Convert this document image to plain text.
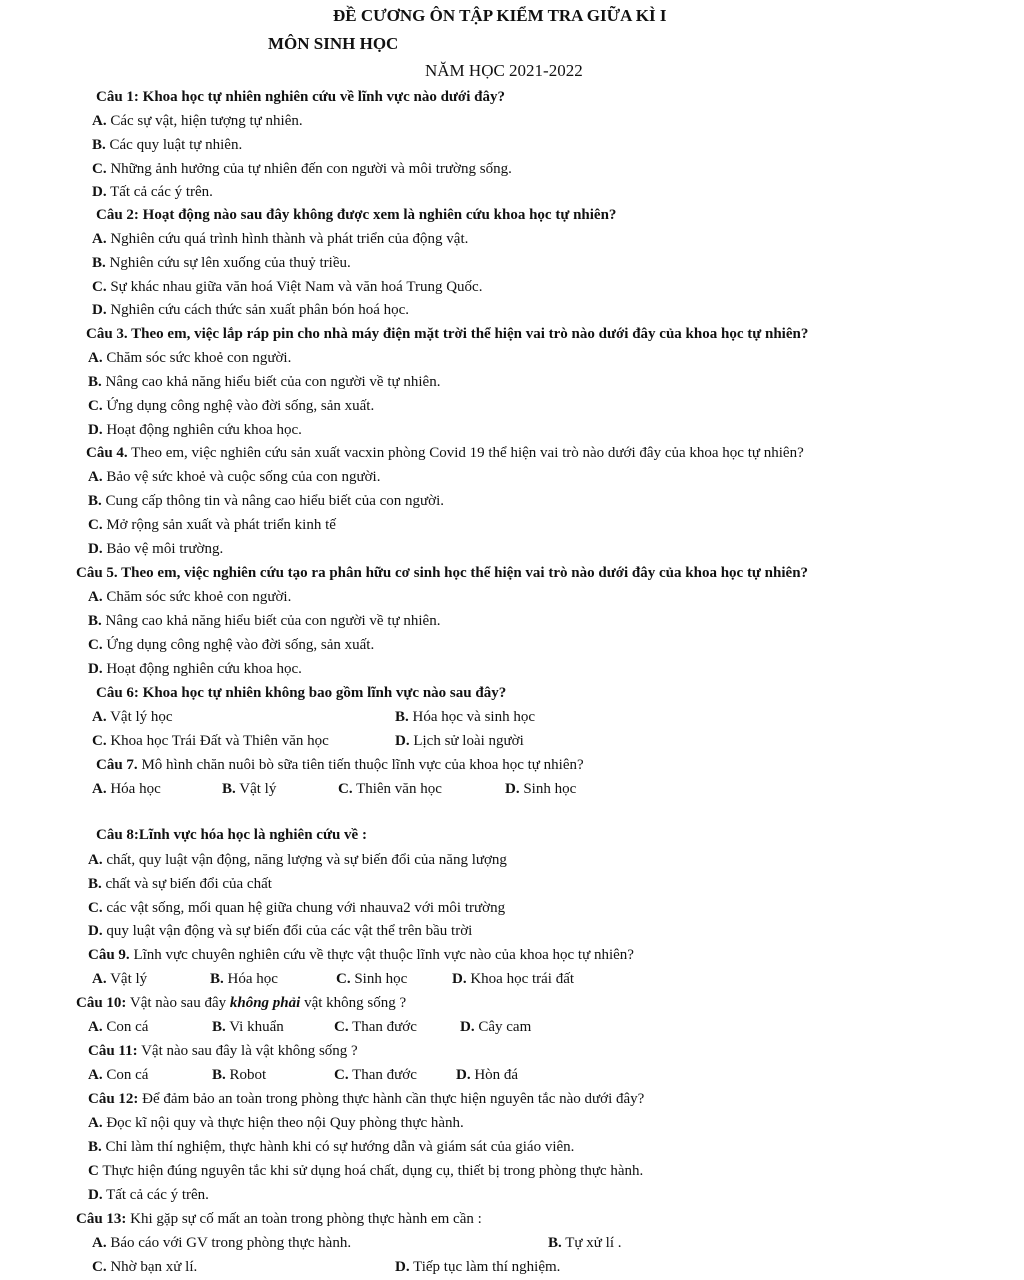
ĐỀ CƯƠNG ÔN TẬP KIỂM TRA GIỮA KÌ I
MÔN SINH HỌC
NĂM HỌC 2021-2022
Câu 1: Khoa học tự nhiên nghiên cứu về lĩnh vực nào dưới đây?
A. Các sự vật, hiện tượng tự nhiên.
B. Các quy luật tự nhiên.
C. Những ảnh hưởng của tự nhiên đến con người và môi trường sống.
D. Tất cả các ý trên.
Câu 2: Hoạt động nào sau đây không được xem là nghiên cứu khoa học tự nhiên?
A. Nghiên cứu quá trình hình thành và phát triển của động vật.
B. Nghiên cứu sự lên xuống của thuỷ triều.
C. Sự khác nhau giữa văn hoá Việt Nam và văn hoá Trung Quốc.
D. Nghiên cứu cách thức sản xuất phân bón hoá học.
Câu 3. Theo em, việc lắp ráp pin cho nhà máy điện mặt trời thể hiện vai trò nào dưới đây của khoa học tự nhiên?
A. Chăm sóc sức khoẻ con người.
B. Nâng cao khả năng hiểu biết của con người về tự nhiên.
C. Ứng dụng công nghệ vào đời sống, sản xuất.
D. Hoạt động nghiên cứu khoa học.
Câu 4. Theo em, việc nghiên cứu sản xuất vacxin phòng Covid 19 thể hiện vai trò nào dưới đây của khoa học tự nhiên?
A. Bảo vệ sức khoẻ và cuộc sống của con người.
B. Cung cấp thông tin và nâng cao hiểu biết của con người.
C. Mở rộng sản xuất và phát triển kinh tế
D. Bảo vệ môi trường.
Câu 5. Theo em, việc nghiên cứu tạo ra phân hữu cơ sinh học thể hiện vai trò nào dưới đây của khoa học tự nhiên?
A. Chăm sóc sức khoẻ con người.
B. Nâng cao khả năng hiểu biết của con người về tự nhiên.
C. Ứng dụng công nghệ vào đời sống, sản xuất.
D. Hoạt động nghiên cứu khoa học.
Câu 6: Khoa học tự nhiên không bao gồm lĩnh vực nào sau đây?
A. Vật lý học	B. Hóa học và sinh học
C. Khoa học Trái Đất và Thiên văn học	D. Lịch sử loài người
Câu 7. Mô hình chăn nuôi bò sữa tiên tiến thuộc lĩnh vực của khoa học tự nhiên?
A. Hóa học	B. Vật lý	C. Thiên văn học	D. Sinh học
Câu 8:Lĩnh vực hóa học là nghiên cứu về :
A. chất, quy luật vận động, năng lượng và sự biến đổi của năng lượng
B. chất và sự biến đổi của chất
C. các vật sống, mối quan hệ giữa chung với nhauva2 với môi trường
D. quy luật vận động và sự biến đổi của các vật thể trên bầu trời
Câu 9. Lĩnh vực chuyên nghiên cứu về thực vật thuộc lĩnh vực nào của khoa học tự nhiên?
A. Vật lý	B. Hóa học	C. Sinh học	D. Khoa học trái đất
Câu 10: Vật nào sau đây không phải vật không sống ?
A. Con cá	B. Vi khuẩn	C. Than đước	D. Cây cam
Câu 11: Vật nào sau đây là vật không sống ?
A. Con cá	B. Robot	C. Than đước	D. Hòn đá
Câu 12: Để đảm bảo an toàn trong phòng thực hành cần thực hiện nguyên tắc nào dưới đây?
A. Đọc kĩ nội quy và thực hiện theo nội Quy phòng thực hành.
B. Chỉ làm thí nghiệm, thực hành khi có sự hướng dẫn và giám sát của giáo viên.
C Thực hiện đúng nguyên tắc khi sử dụng hoá chất, dụng cụ, thiết bị trong phòng thực hành.
D. Tất cả các ý trên.
Câu 13: Khi gặp sự cố mất an toàn trong phòng thực hành em cần :
A. Báo cáo với GV trong phòng thực hành.	B. Tự xử lí .
C. Nhờ bạn xử lí.	D. Tiếp tục làm thí nghiệm.
